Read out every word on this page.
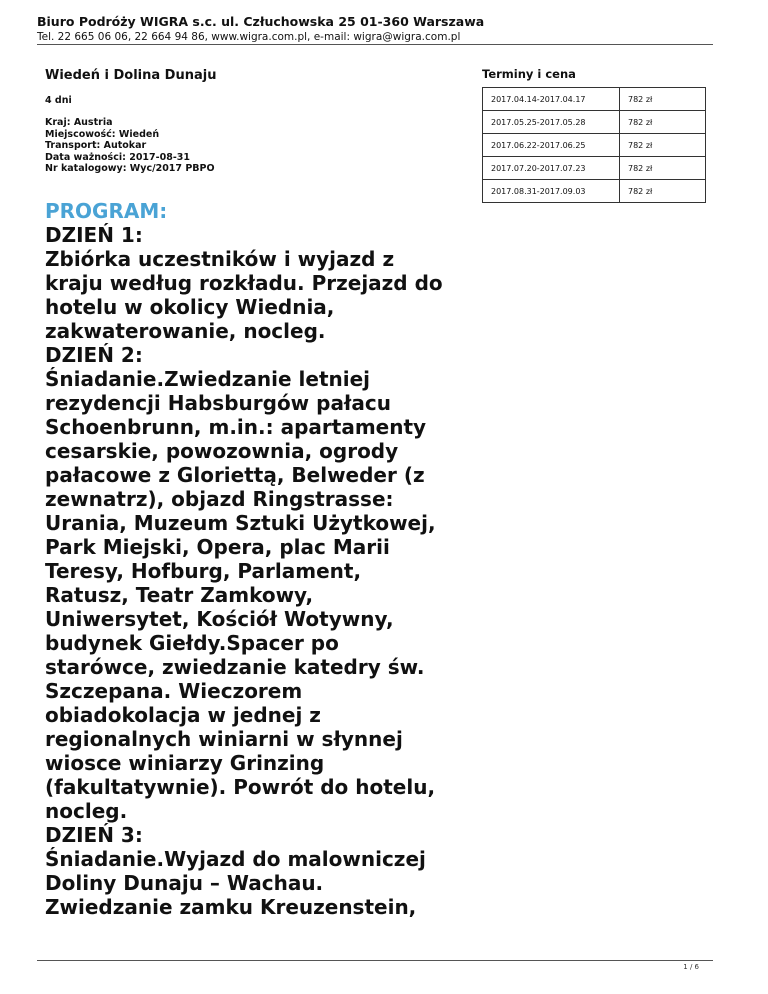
Biuro Podróży WIGRA s.c. ul. Człuchowska 25 01-360 Warszawa
Tel. 22 665 06 06, 22 664 94 86, www.wigra.com.pl, e-mail: wigra@wigra.com.pl
Wiedeń i Dolina Dunaju
4 dni
Kraj: Austria
Miejscowość: Wiedeń
Transport: Autokar
Data ważności: 2017-08-31
Nr katalogowy: Wyc/2017 PBPO
PROGRAM:
DZIEŃ 1:
Zbiórka uczestników i wyjazd z
kraju według rozkładu. Przejazd do
hotelu w okolicy Wiednia,
zakwaterowanie, nocleg.
DZIEŃ 2:
Śniadanie.Zwiedzanie letniej
rezydencji Habsburgów pałacu
Schoenbrunn, m.in.: apartamenty
cesarskie, powozownia, ogrody
pałacowe z Gloriettą, Belweder (z
zewnatrz), objazd Ringstrasse:
Urania, Muzeum Sztuki Użytkowej,
Park Miejski, Opera, plac Marii
Teresy, Hofburg, Parlament,
Ratusz, Teatr Zamkowy,
Uniwersytet, Kościół Wotywny,
budynek Giełdy.Spacer po
starówce, zwiedzanie katedry św.
Szczepana. Wieczorem
obiadokolacja w jednej z
regionalnych winiarni w słynnej
wiosce winiarzy Grinzing
(fakultatywnie). Powrót do hotelu,
nocleg.
DZIEŃ 3:
Śniadanie.Wyjazd do malowniczej
Doliny Dunaju – Wachau.
Zwiedzanie zamku Kreuzenstein,
Terminy i cena
2017.04.14-2017.04.17	782 zł
2017.05.25-2017.05.28	782 zł
2017.06.22-2017.06.25	782 zł
2017.07.20-2017.07.23	782 zł
2017.08.31-2017.09.03	782 zł
1 / 6
